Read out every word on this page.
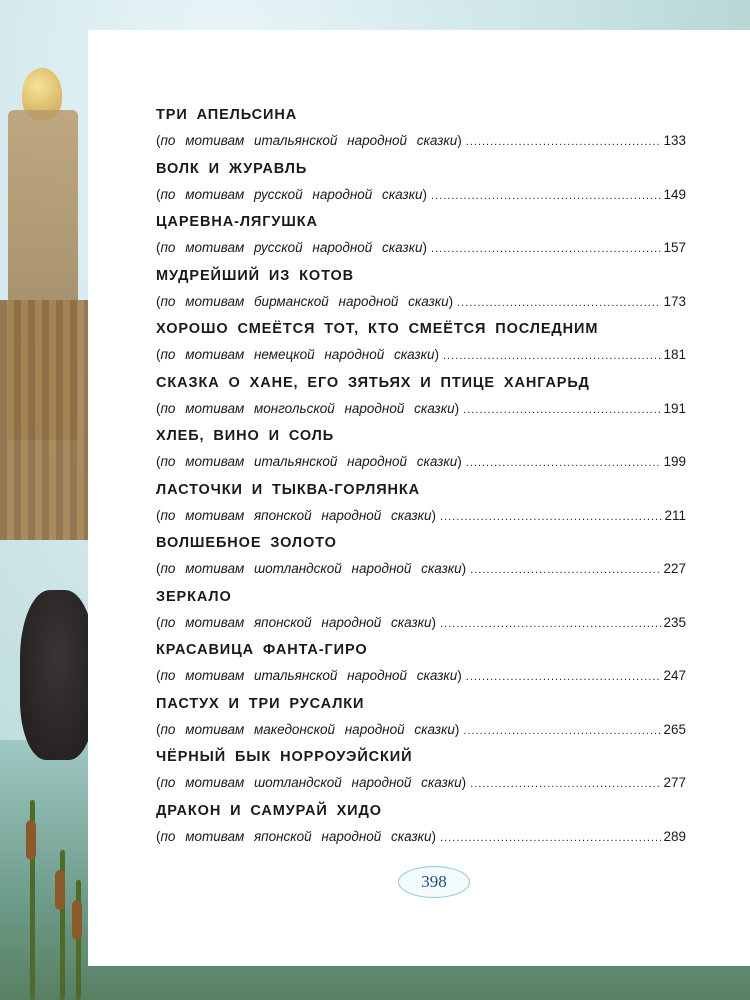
ТРИ АПЕЛЬСИНА
( по мотивам итальянской народной сказки ) .....	133
ВОЛК И ЖУРАВЛЬ
( по мотивам русской народной сказки ) .....	149
ЦАРЕВНА-ЛЯГУШКА
( по мотивам русской народной сказки ) .....	157
МУДРЕЙШИЙ ИЗ КОТОВ
( по мотивам бирманской народной сказки ) .....	173
ХОРОШО СМЕЁТСЯ ТОТ, КТО СМЕЁТСЯ ПОСЛЕДНИМ
( по мотивам немецкой народной сказки ) .....	181
СКАЗКА О ХАНЕ, ЕГО ЗЯТЬЯХ И ПТИЦЕ ХАНГАРЬД
( по мотивам монгольской народной сказки ) .....	191
ХЛЕБ, ВИНО И СОЛЬ
( по мотивам итальянской народной сказки ) .....	199
ЛАСТОЧКИ И ТЫКВА-ГОРЛЯНКА
( по мотивам японской народной сказки ) .....	211
ВОЛШЕБНОЕ ЗОЛОТО
( по мотивам шотландской народной сказки ) .....	227
ЗЕРКАЛО
( по мотивам японской народной сказки ) .....	235
КРАСАВИЦА ФАНТА-ГИРО
( по мотивам итальянской народной сказки ) .....	247
ПАСТУХ И ТРИ РУСАЛКИ
( по мотивам македонской народной сказки ) .....	265
ЧЁРНЫЙ БЫК НОРРОУЭЙСКИЙ
( по мотивам шотландской народной сказки ) .....	277
ДРАКОН И САМУРАЙ ХИДО
( по мотивам японской народной сказки ) .....	289
398
